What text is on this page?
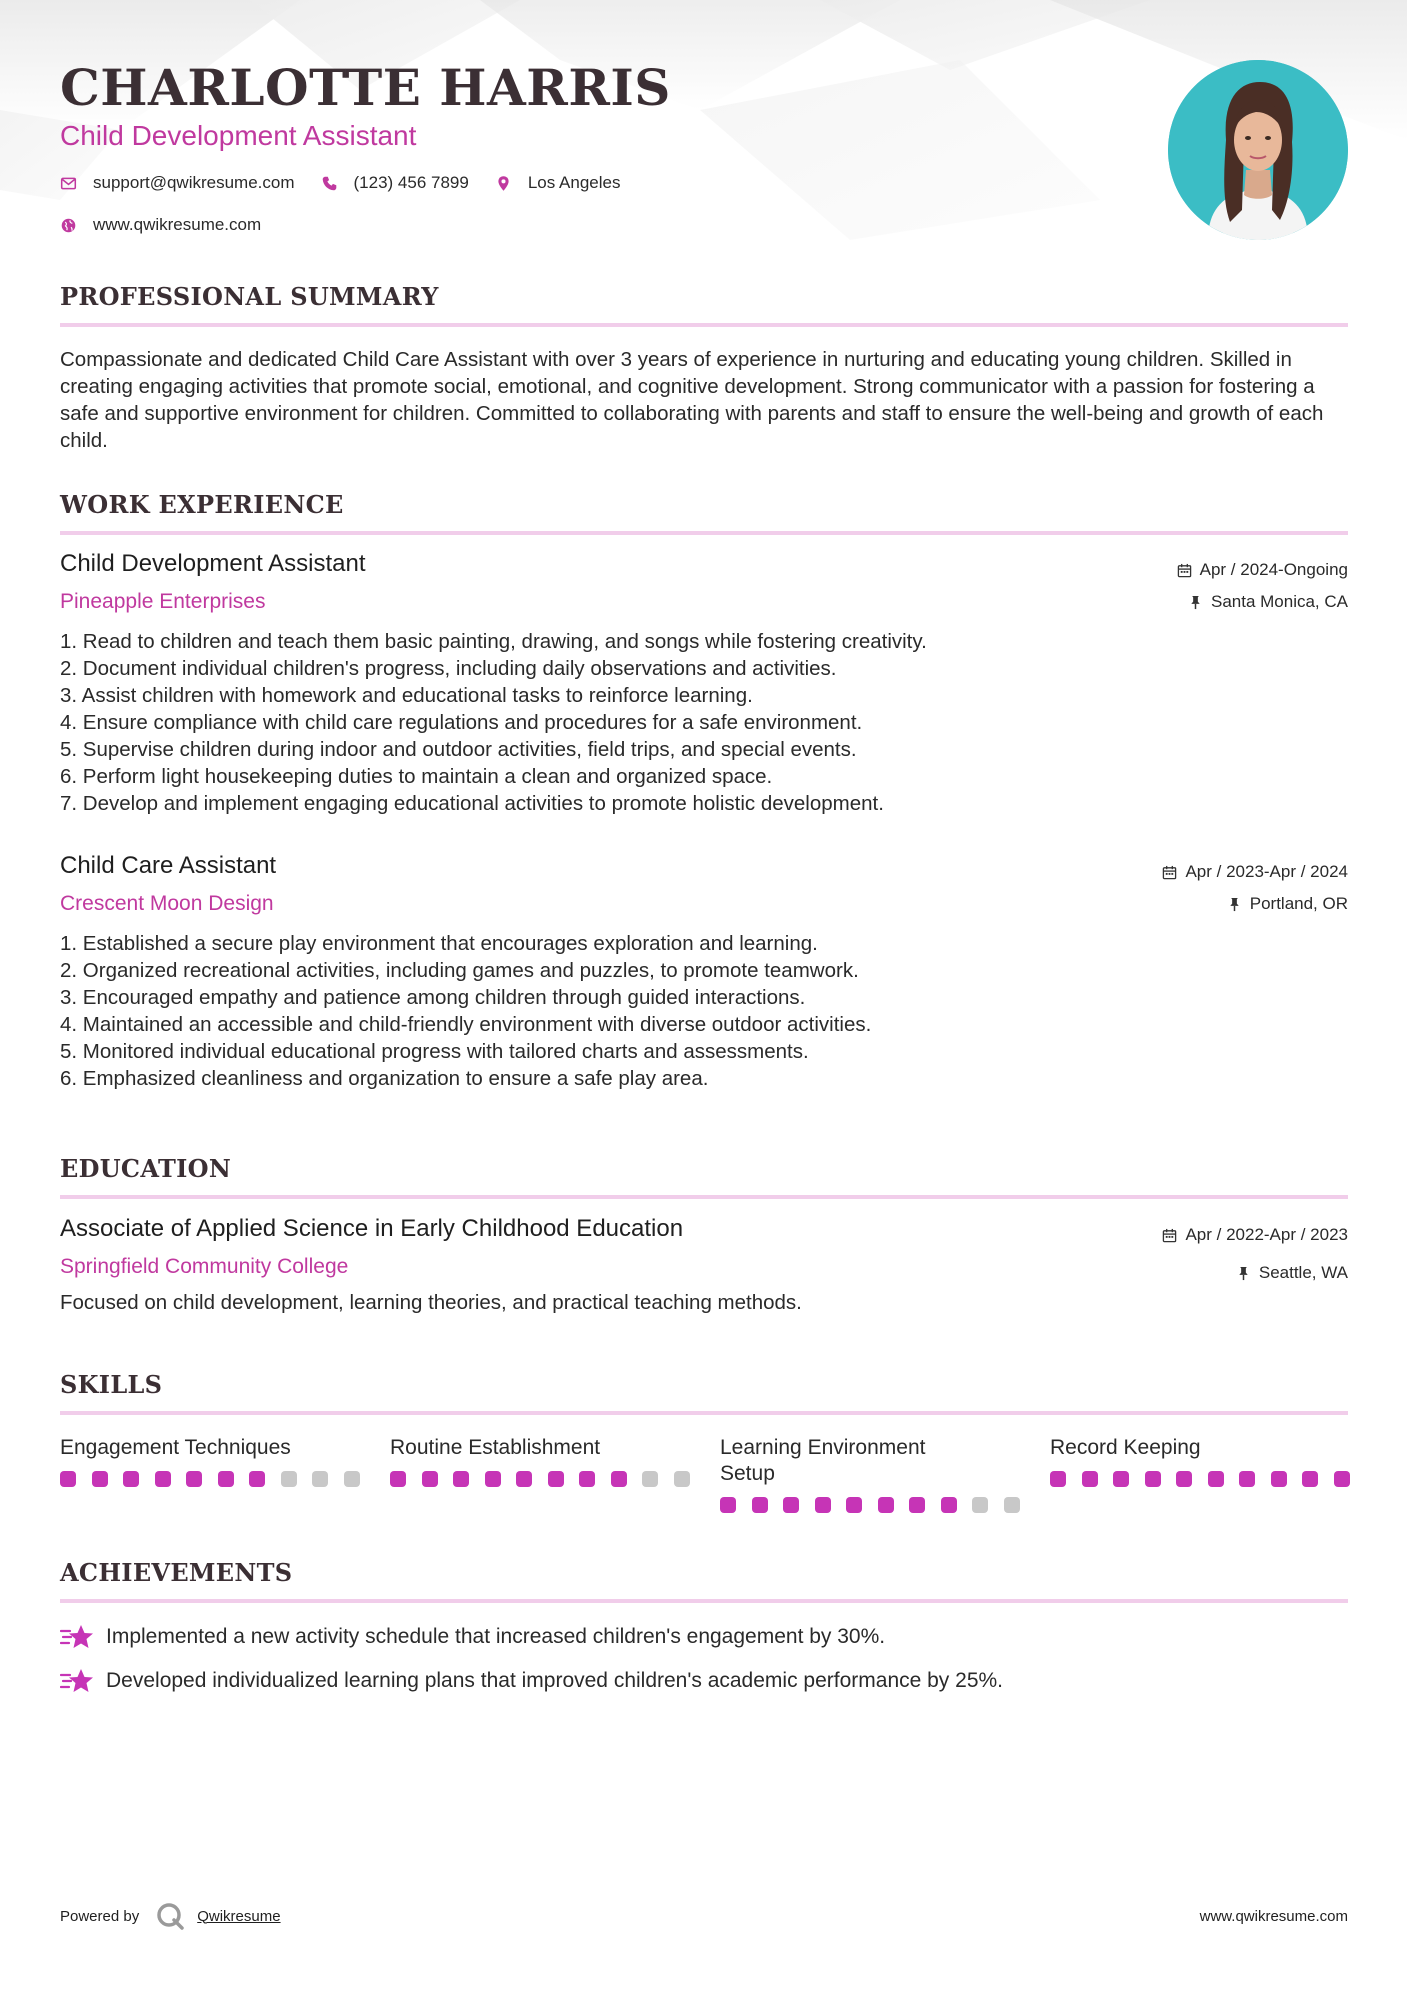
CHARLOTTE HARRIS
Child Development Assistant
support@qwikresume.com	(123) 456 7899	Los Angeles
www.qwikresume.com
PROFESSIONAL SUMMARY
Compassionate and dedicated Child Care Assistant with over 3 years of experience in nurturing and educating young children. Skilled in creating engaging activities that promote social, emotional, and cognitive development. Strong communicator with a passion for fostering a safe and supportive environment for children. Committed to collaborating with parents and staff to ensure the well-being and growth of each child.
WORK EXPERIENCE
Child Development Assistant
Pineapple Enterprises
Apr / 2024-Ongoing
Santa Monica, CA
1. Read to children and teach them basic painting, drawing, and songs while fostering creativity.
2. Document individual children's progress, including daily observations and activities.
3. Assist children with homework and educational tasks to reinforce learning.
4. Ensure compliance with child care regulations and procedures for a safe environment.
5. Supervise children during indoor and outdoor activities, field trips, and special events.
6. Perform light housekeeping duties to maintain a clean and organized space.
7. Develop and implement engaging educational activities to promote holistic development.
Child Care Assistant
Crescent Moon Design
Apr / 2023-Apr / 2024
Portland, OR
1. Established a secure play environment that encourages exploration and learning.
2. Organized recreational activities, including games and puzzles, to promote teamwork.
3. Encouraged empathy and patience among children through guided interactions.
4. Maintained an accessible and child-friendly environment with diverse outdoor activities.
5. Monitored individual educational progress with tailored charts and assessments.
6. Emphasized cleanliness and organization to ensure a safe play area.
EDUCATION
Associate of Applied Science in Early Childhood Education
Springfield Community College
Apr / 2022-Apr / 2023
Seattle, WA
Focused on child development, learning theories, and practical teaching methods.
SKILLS
Engagement Techniques	Routine Establishment	Learning Environment Setup
Record Keeping
ACHIEVEMENTS
Implemented a new activity schedule that increased children's engagement by 30%.
Developed individualized learning plans that improved children's academic performance by 25%.
Powered by	Qwikresume	www.qwikresume.com
